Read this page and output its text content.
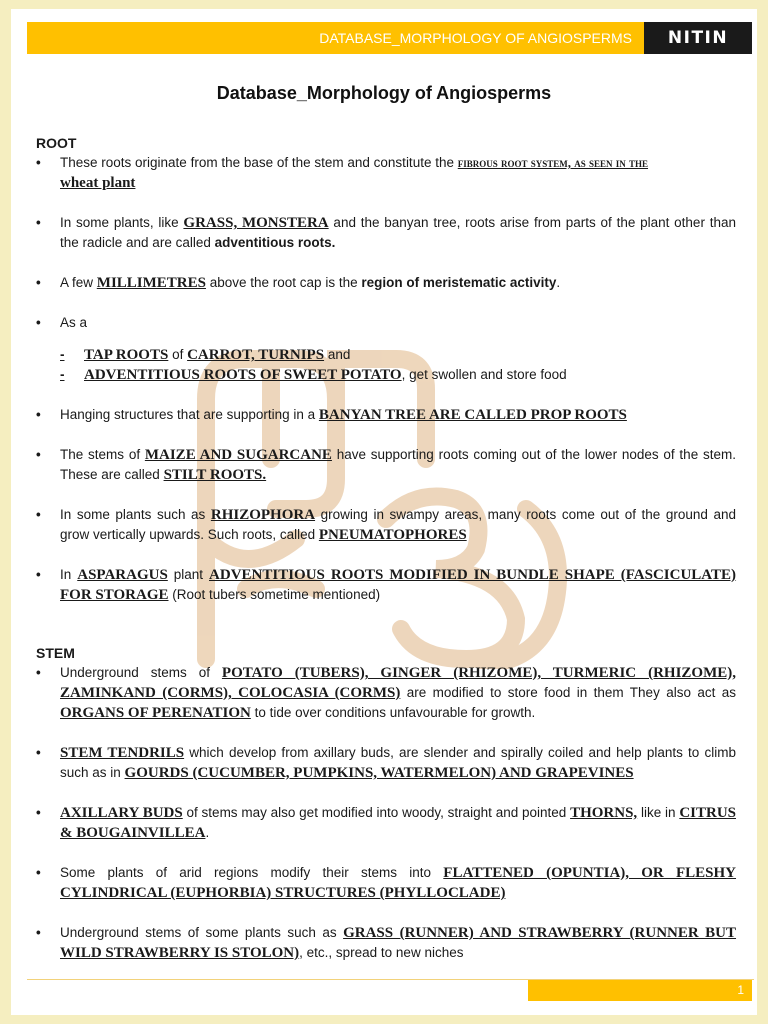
DATABASE_MORPHOLOGY OF ANGIOSPERMS	NITIN
Database_Morphology of Angiosperms

ROOT

•	These roots originate from the base of the stem and constitute the fibrous root system, as seen in the
wheat plant
•	In some plants, like GRASS, MONSTERA and the banyan tree, roots arise from parts of the plant other than the radicle and are called adventitious roots.
•	A few MILLIMETRES above the root cap is the region of meristematic activity.
•	As a
- TAP ROOTS of CARROT, TURNIPS and
- ADVENTITIOUS ROOTS OF SWEET POTATO, get swollen and store food
•	Hanging structures that are supporting in a BANYAN TREE ARE CALLED PROP ROOTS
•	The stems of MAIZE AND SUGARCANE have supporting roots coming out of the lower nodes of the stem. These are called STILT ROOTS.
•	In some plants such as RHIZOPHORA growing in swampy areas, many roots come out of the ground and grow vertically upwards. Such roots, called PNEUMATOPHORES
•	In ASPARAGUS plant ADVENTITIOUS ROOTS MODIFIED IN BUNDLE SHAPE (FASCICULATE) FOR STORAGE (Root tubers sometime mentioned)

STEM

•	Underground stems of POTATO (TUBERS), GINGER (RHIZOME), TURMERIC (RHIZOME), ZAMINKAND (CORMS), COLOCASIA (CORMS) are modified to store food in them They also act as ORGANS OF PERENATION to tide over conditions unfavourable for growth.
•	STEM TENDRILS which develop from axillary buds, are slender and spirally coiled and help plants to climb such as in GOURDS (CUCUMBER, PUMPKINS, WATERMELON) AND GRAPEVINES
•	AXILLARY BUDS of stems may also get modified into woody, straight and pointed THORNS, like in CITRUS & BOUGAINVILLEA.
•	Some plants of arid regions modify their stems into FLATTENED (OPUNTIA), OR FLESHY CYLINDRICAL (EUPHORBIA) STRUCTURES (PHYLLOCLADE)
•	Underground stems of some plants such as GRASS (RUNNER) AND STRAWBERRY (RUNNER BUT WILD STRAWBERRY IS STOLON), etc., spread to new niches
1
